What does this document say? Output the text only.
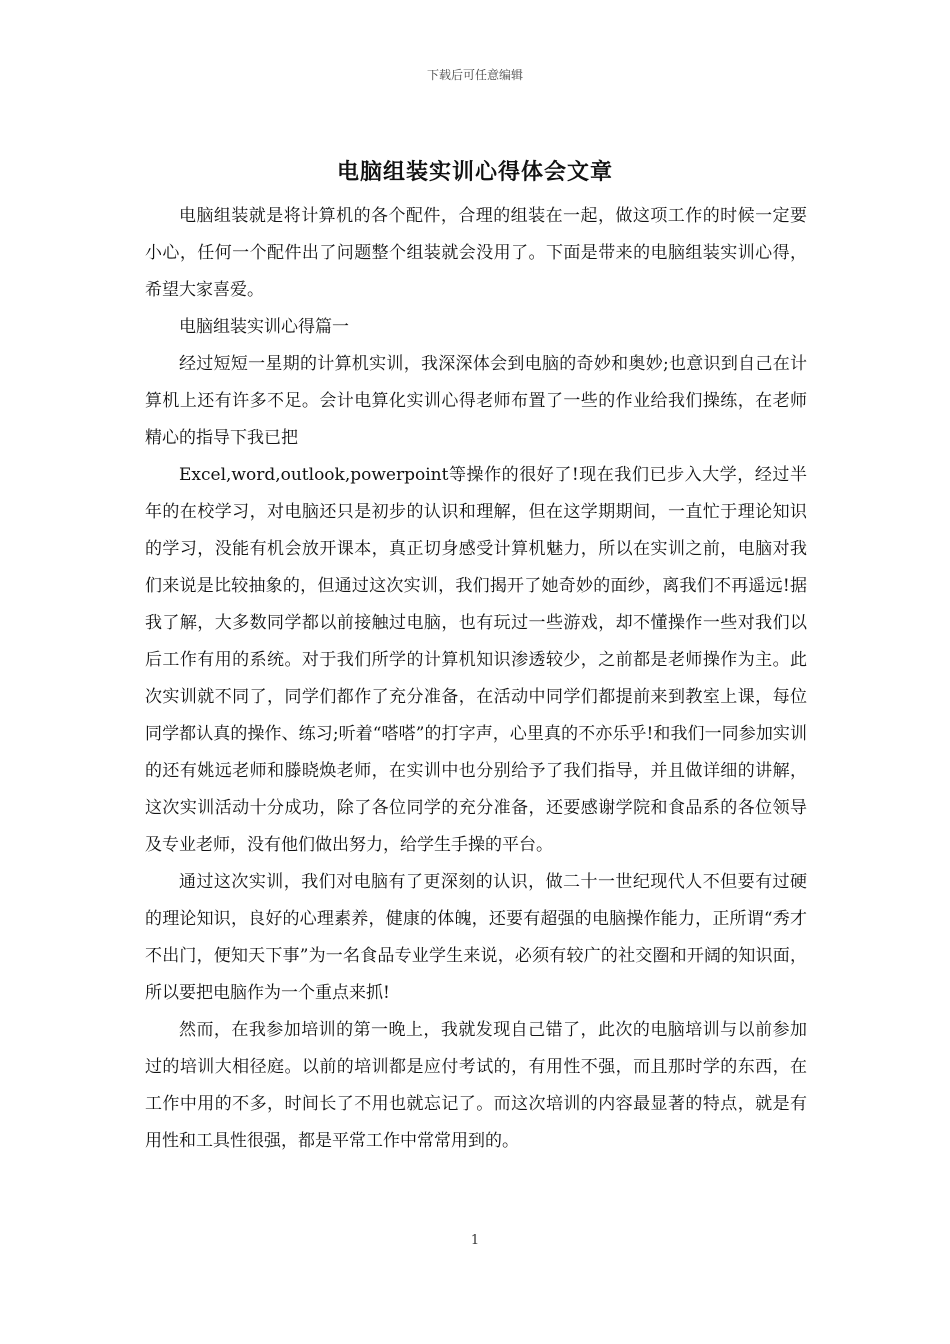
下载后可任意编辑
电脑组装实训心得体会文章

电脑组装就是将计算机的各个配件，合理的组装在一起，做这项工作的时候一定要小心，任何一个配件出了问题整个组装就会没用了。下面是带来的电脑组装实训心得，希望大家喜爱。

电脑组装实训心得篇一

经过短短一星期的计算机实训，我深深体会到电脑的奇妙和奥妙;也意识到自己在计算机上还有许多不足。会计电算化实训心得老师布置了一些的作业给我们操练，在老师精心的指导下我已把

Excel,word,outlook,powerpoint等操作的很好了!现在我们已步入大学，经过半年的在校学习，对电脑还只是初步的认识和理解，但在这学期期间，一直忙于理论知识的学习，没能有机会放开课本，真正切身感受计算机魅力，所以在实训之前，电脑对我们来说是比较抽象的，但通过这次实训，我们揭开了她奇妙的面纱，离我们不再遥远!据我了解，大多数同学都以前接触过电脑，也有玩过一些游戏，却不懂操作一些对我们以后工作有用的系统。对于我们所学的计算机知识渗透较少，之前都是老师操作为主。此次实训就不同了，同学们都作了充分准备，在活动中同学们都提前来到教室上课，每位同学都认真的操作、练习;听着“嗒嗒”的打字声，心里真的不亦乐乎!和我们一同参加实训的还有姚远老师和滕晓焕老师，在实训中也分别给予了我们指导，并且做详细的讲解，这次实训活动十分成功，除了各位同学的充分准备，还要感谢学院和食品系的各位领导及专业老师，没有他们做出努力，给学生手操的平台。

通过这次实训，我们对电脑有了更深刻的认识，做二十一世纪现代人不但要有过硬的理论知识，良好的心理素养，健康的体魄，还要有超强的电脑操作能力，正所谓“秀才不出门，便知天下事”为一名食品专业学生来说，必须有较广的社交圈和开阔的知识面，所以要把电脑作为一个重点来抓!

然而，在我参加培训的第一晚上，我就发现自己错了，此次的电脑培训与以前参加过的培训大相径庭。以前的培训都是应付考试的，有用性不强，而且那时学的东西，在工作中用的不多，时间长了不用也就忘记了。而这次培训的内容最显著的特点，就是有用性和工具性很强，都是平常工作中常常用到的。

1
